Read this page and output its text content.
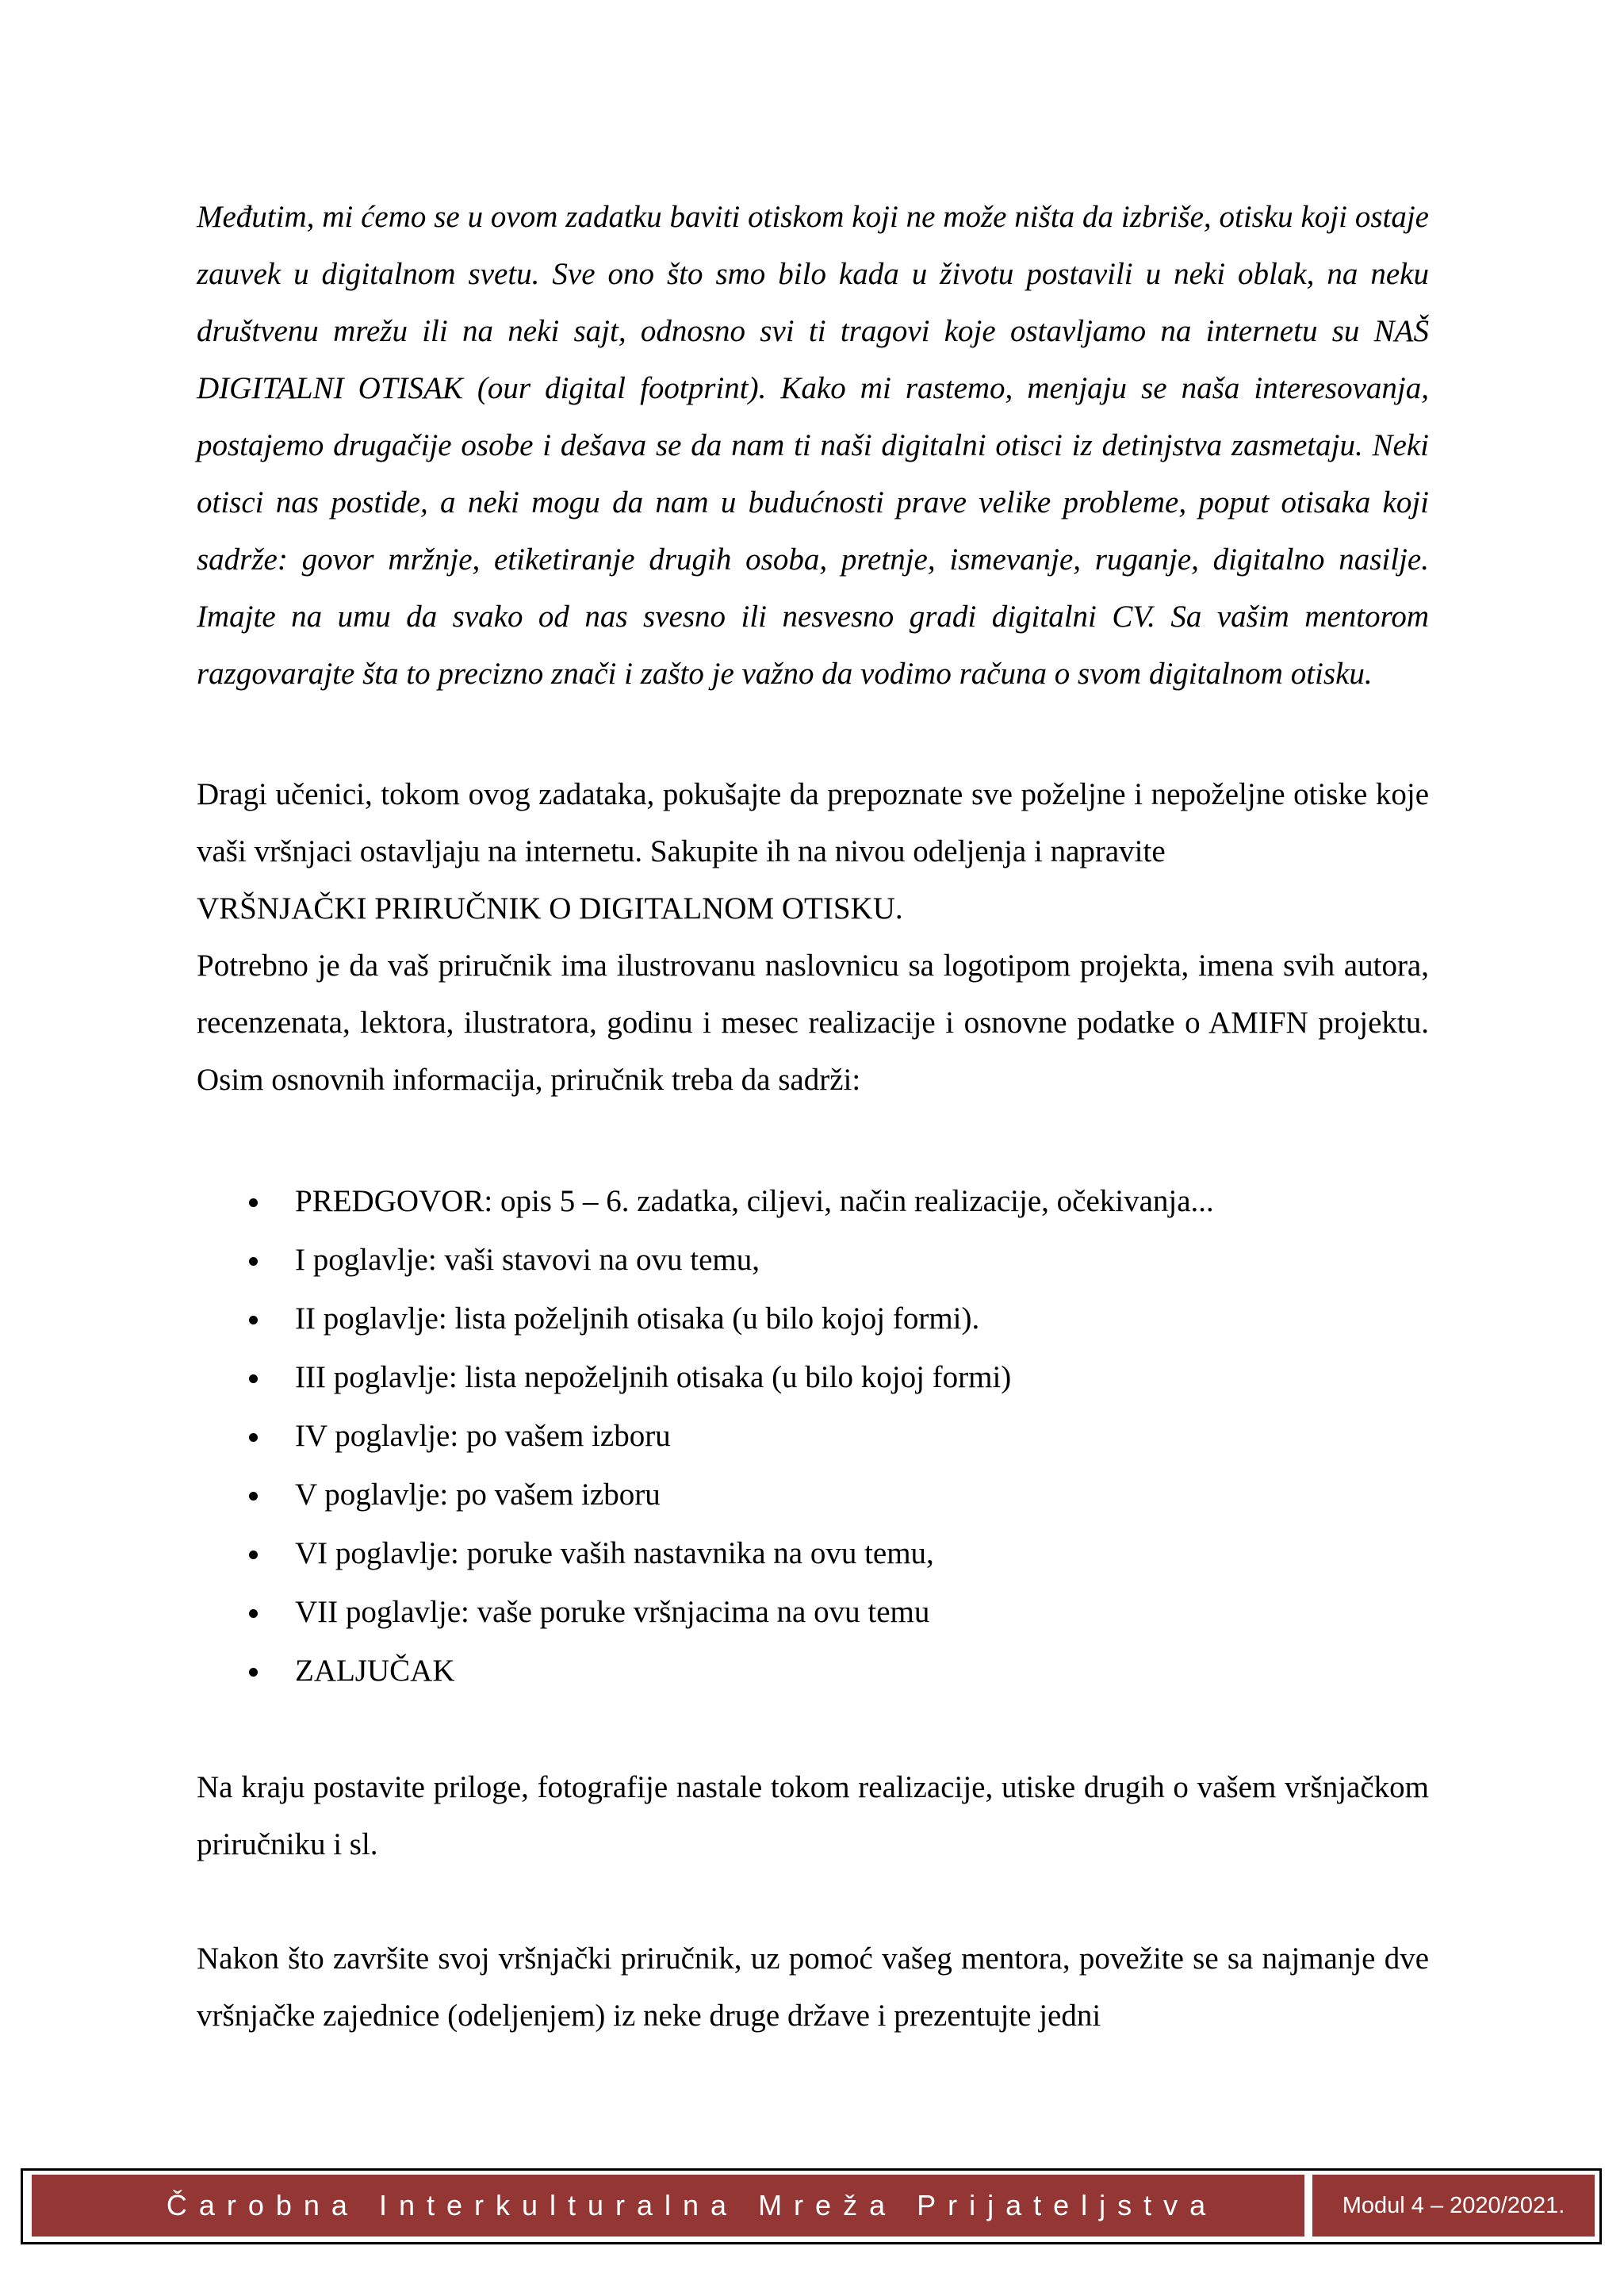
Međutim, mi ćemo se u ovom zadatku baviti otiskom koji ne može ništa da izbriše, otisku koji ostaje zauvek u digitalnom svetu. Sve ono što smo bilo kada u životu postavili u neki oblak, na neku društvenu mrežu ili na neki sajt, odnosno svi ti tragovi koje ostavljamo na internetu su NAŠ DIGITALNI OTISAK (our digital footprint). Kako mi rastemo, menjaju se naša interesovanja, postajemo drugačije osobe i dešava se da nam ti naši digitalni otisci iz detinjstva zasmetaju. Neki otisci nas postide, a neki mogu da nam u budućnosti prave velike probleme, poput otisaka koji sadrže: govor mržnje, etiketiranje drugih osoba, pretnje, ismevanje, ruganje, digitalno nasilje. Imajte na umu da svako od nas svesno ili nesvesno gradi digitalni CV. Sa vašim mentorom razgovarajte šta to precizno znači i zašto je važno da vodimo računa o svom digitalnom otisku.

Dragi učenici, tokom ovog zadataka, pokušajte da prepoznate sve poželjne i nepoželjne otiske koje vaši vršnjaci ostavljaju na internetu. Sakupite ih na nivou odeljenja i napravite

VRŠNJAČKI PRIRUČNIK O DIGITALNOM OTISKU.

Potrebno je da vaš priručnik ima ilustrovanu naslovnicu sa logotipom projekta, imena svih autora, recenzenata, lektora, ilustratora, godinu i mesec realizacije i osnovne podatke o AMIFN projektu. Osim osnovnih informacija, priručnik treba da sadrži:

PREDGOVOR: opis 5 – 6. zadatka, ciljevi, način realizacije, očekivanja...
I poglavlje: vaši stavovi na ovu temu,
II poglavlje: lista poželjnih otisaka (u bilo kojoj formi).
III poglavlje: lista nepoželjnih otisaka (u bilo kojoj formi)
IV poglavlje: po vašem izboru
V poglavlje: po vašem izboru
VI poglavlje: poruke vaših nastavnika na ovu temu,
VII poglavlje: vaše poruke vršnjacima na ovu temu
ZALJUČAK

Na kraju postavite priloge, fotografije nastale tokom realizacije, utiske drugih o vašem vršnjačkom priručniku i sl.

Nakon što završite svoj vršnjački priručnik, uz pomoć vašeg mentora, povežite se sa najmanje dve vršnjačke zajednice (odeljenjem) iz neke druge države i prezentujte jedni

Čarobna Interkulturalna Mreža Prijateljstva	Modul 4 – 2020/2021.
